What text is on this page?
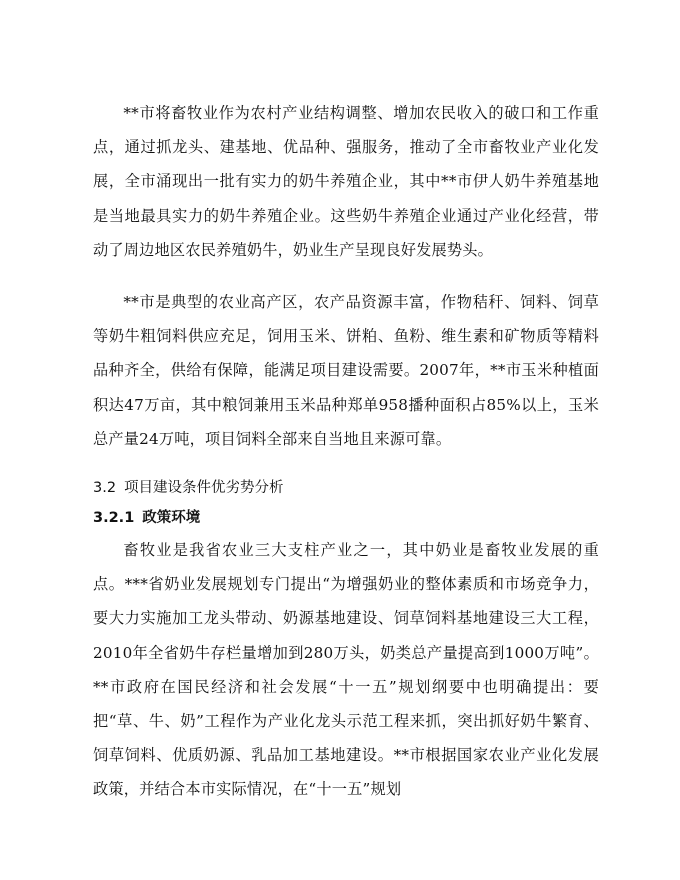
**市将畜牧业作为农村产业结构调整、增加农民收入的破口和工作重点，通过抓龙头、建基地、优品种、强服务，推动了全市畜牧业产业化发展，全市涌现出一批有实力的奶牛养殖企业，其中**市伊人奶牛养殖基地是当地最具实力的奶牛养殖企业。这些奶牛养殖企业通过产业化经营，带动了周边地区农民养殖奶牛，奶业生产呈现良好发展势头。

**市是典型的农业高产区，农产品资源丰富，作物秸秆、饲料、饲草等奶牛粗饲料供应充足，饲用玉米、饼粕、鱼粉、维生素和矿物质等精料品种齐全，供给有保障，能满足项目建设需要。2007年，**市玉米种植面积达47万亩，其中粮饲兼用玉米品种郑单958播种面积占85%以上，玉米总产量24万吨，项目饲料全部来自当地且来源可靠。

3.2 项目建设条件优劣势分析
3.2.1 政策环境

畜牧业是我省农业三大支柱产业之一，其中奶业是畜牧业发展的重点。***省奶业发展规划专门提出“为增强奶业的整体素质和市场竞争力，要大力实施加工龙头带动、奶源基地建设、饲草饲料基地建设三大工程，2010年全省奶牛存栏量增加到280万头，奶类总产量提高到1000万吨”。**市政府在国民经济和社会发展“十一五”规划纲要中也明确提出：要把“草、牛、奶”工程作为产业化龙头示范工程来抓，突出抓好奶牛繁育、饲草饲料、优质奶源、乳品加工基地建设。**市根据国家农业产业化发展政策，并结合本市实际情况，在“十一五”规划
